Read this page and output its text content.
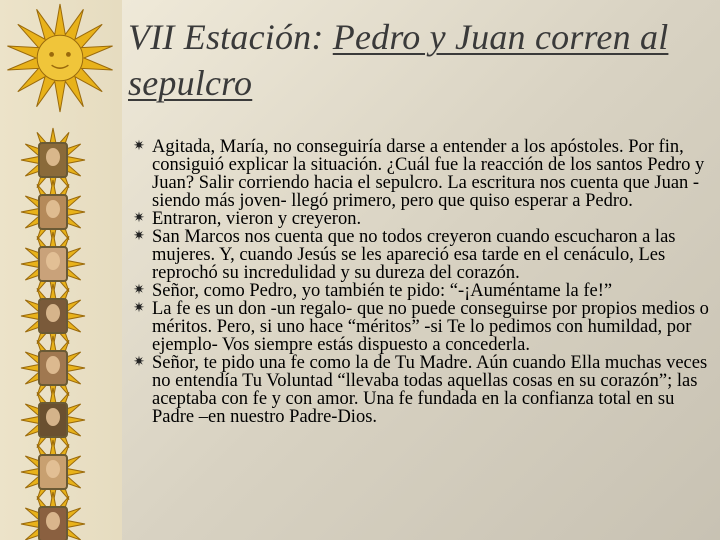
VII Estación: Pedro y Juan corren al sepulcro
✷ Agitada, María, no conseguiría darse a entender a los apóstoles. Por fin, consiguió explicar la situación. ¿Cuál fue la reacción de los santos Pedro y Juan? Salir corriendo hacia el sepulcro. La escritura nos cuenta que Juan -siendo más joven- llegó primero, pero que quiso esperar a Pedro.
✷ Entraron, vieron y creyeron.
✷ San Marcos nos cuenta que no todos creyeron cuando escucharon a las mujeres. Y, cuando Jesús se les apareció esa tarde en el cenáculo, Les reprochó su incredulidad y su dureza del corazón.
✷ Señor, como Pedro, yo también te pido: “-¡Auméntame la fe!”
✷ La fe es un don -un regalo- que no puede conseguirse por propios medios o méritos. Pero, si uno hace “méritos” -si Te lo pedimos con humildad, por ejemplo- Vos siempre estás dispuesto a concederla.
✷ Señor, te pido una fe como la de Tu Madre. Aún cuando Ella muchas veces no entendía Tu Voluntad “llevaba todas aquellas cosas en su corazón”; las aceptaba con fe y con amor. Una fe fundada en la confianza total en su Padre –en nuestro Padre-Dios.
